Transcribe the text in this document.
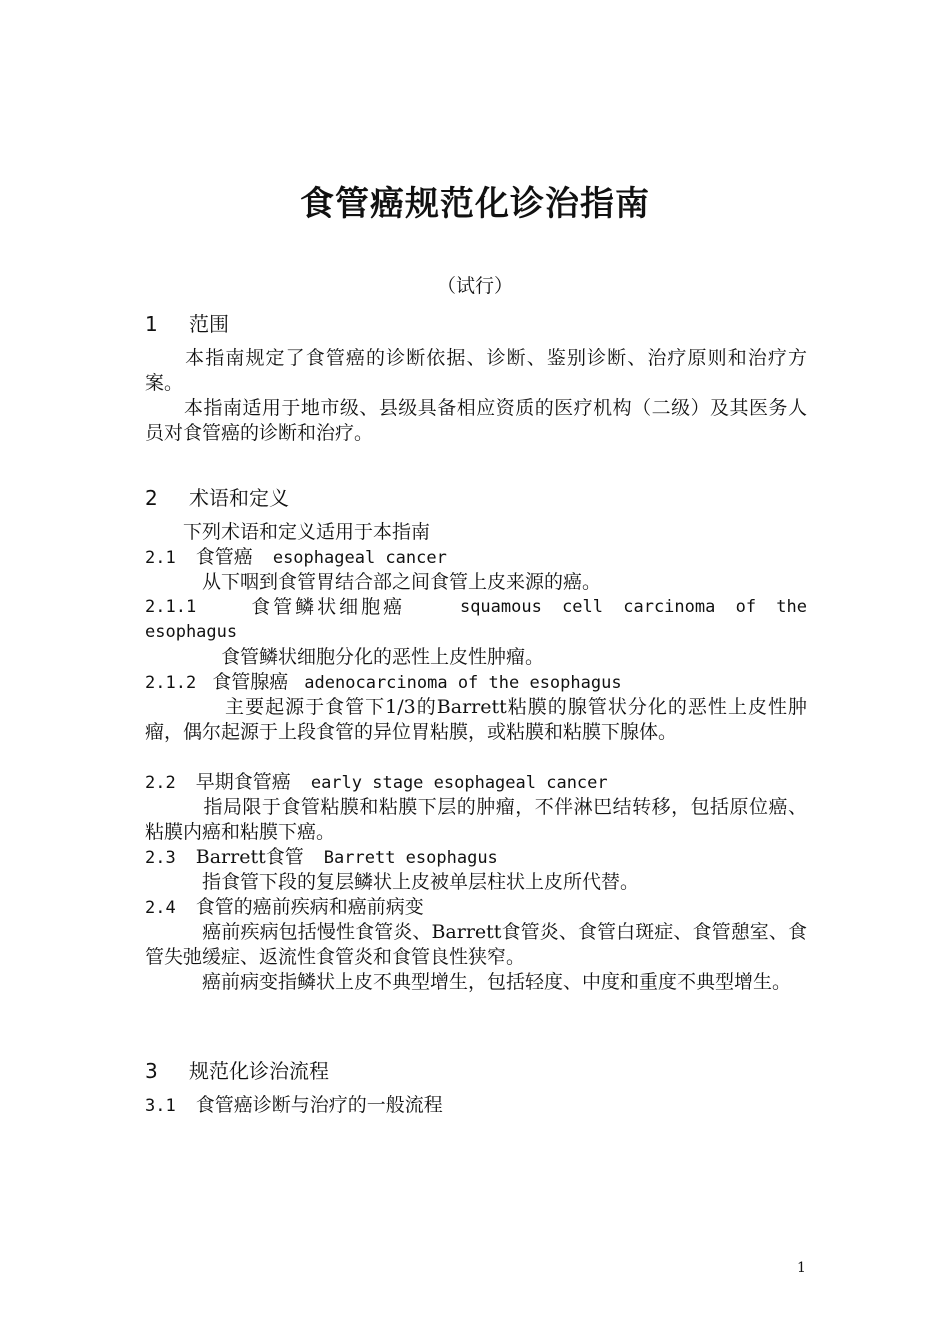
食管癌规范化诊治指南
（试行）
1 范围
　　本指南规定了食管癌的诊断依据、诊断、鉴别诊断、治疗原则和治疗方案。
　　本指南适用于地市级、县级具备相应资质的医疗机构（二级）及其医务人员对食管癌的诊断和治疗。
2 术语和定义
下列术语和定义适用于本指南
2.1 食管癌 esophageal cancer
从下咽到食管胃结合部之间食管上皮来源的癌。
2.1.1	食管鳞状细胞癌	squamous cell carcinoma of the
esophagus
食管鳞状细胞分化的恶性上皮性肿瘤。
2.1.2 食管腺癌 adenocarcinoma of the esophagus
　　　　主要起源于食管下1/3的Barrett粘膜的腺管状分化的恶性上皮性肿瘤，偶尔起源于上段食管的异位胃粘膜，或粘膜和粘膜下腺体。
2.2 早期食管癌 early stage esophageal cancer
　　　指局限于食管粘膜和粘膜下层的肿瘤，不伴淋巴结转移，包括原位癌、粘膜内癌和粘膜下癌。
2.3 Barrett食管 Barrett esophagus
指食管下段的复层鳞状上皮被单层柱状上皮所代替。
2.4 食管的癌前疾病和癌前病变
　　　癌前疾病包括慢性食管炎、Barrett食管炎、食管白斑症、食管憩室、食管失弛缓症、返流性食管炎和食管良性狭窄。
　　　癌前病变指鳞状上皮不典型增生，包括轻度、中度和重度不典型增生。
3 规范化诊治流程
3.1 食管癌诊断与治疗的一般流程
1
